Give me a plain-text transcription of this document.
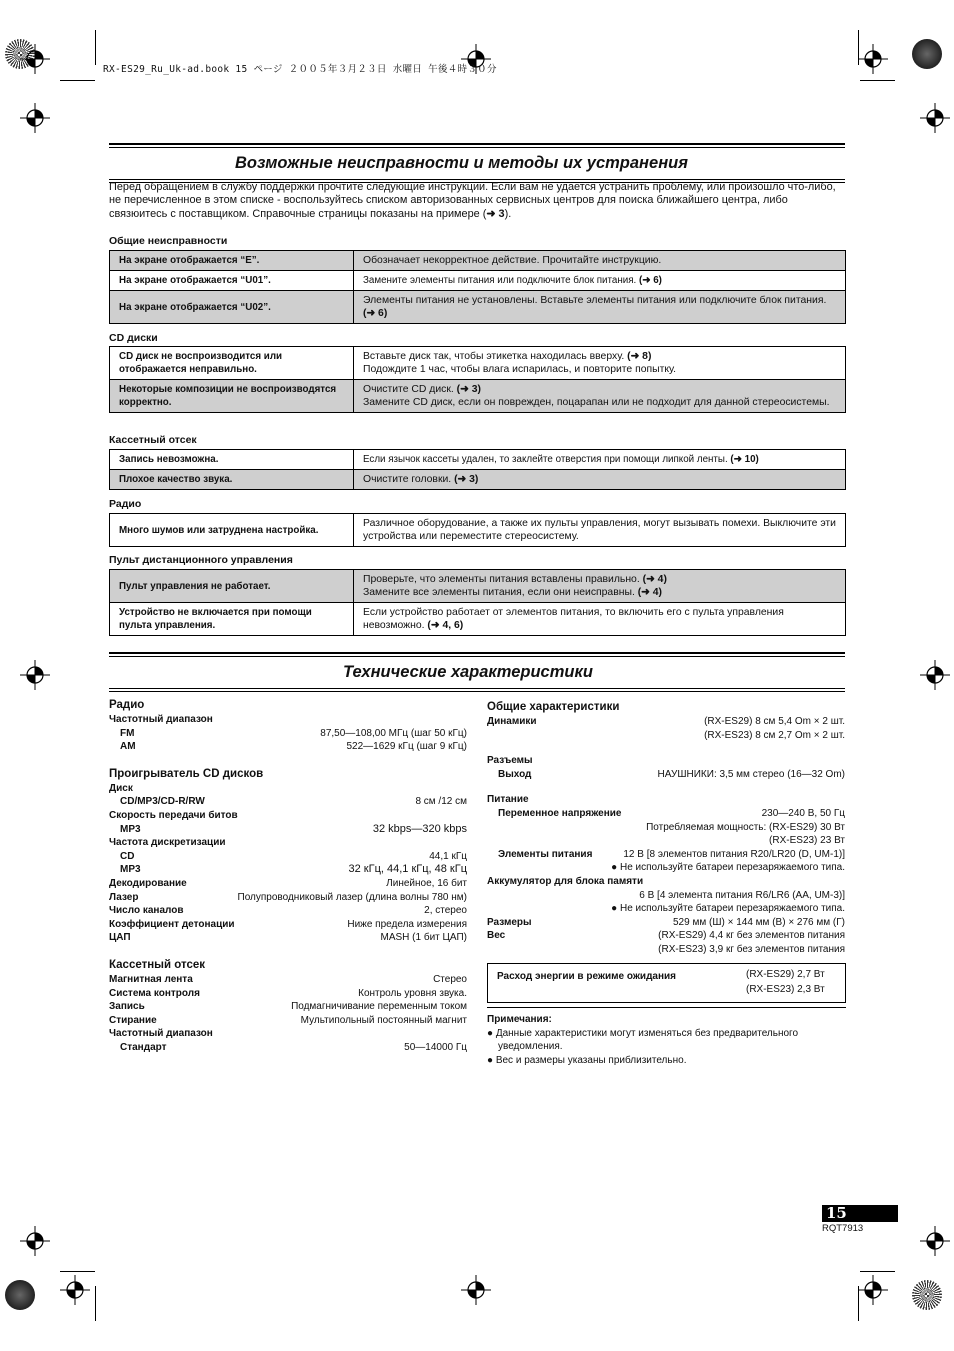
RX-ES29_Ru_Uk-ad.book 15 ページ ２００５年３月２３日 水曜日 午後４時３０分
Возможные неисправности и методы их устранения
Перед обращением в службу поддержки прочтите следующие инструкции. Если вам не удается устранить проблему, или произошло что-либо, не перечисленное в этом списке - воспользуйтесь списком авторизованных сервисных центров для поиска ближайшего центра, либо связюитесь с поставщиком. Справочные страницы показаны на примере (➜ 3).
Общие неисправности
На экране отображается “E”.	Обозначает некорректное действие. Прочитайте инструкцию.
На экране отображается “U01”.	Замените элементы питания или подключите блок питания. (➜ 6)
На экране отображается “U02”.	Элементы питания не установлены. Вставьте элементы питания или подключите блок питания. (➜ 6)
CD диски
CD диск не воспроизводится или отображается неправильно.	Вставьте диск так, чтобы этикетка находилась вверху. (➜ 8)
Подождите 1 час, чтобы влага испарилась, и повторите попытку.
Некоторые композиции не воспроизводятся корректно.	Очистите CD диск. (➜ 3)
Замените CD диск, если он поврежден, поцарапан или не подходит для данной стереосистемы.
Кассетный отсек
Запись невозможна.	Если язычок кассеты удален, то заклейте отверстия при помощи липкой ленты. (➜ 10)
Плохое качество звука.	Очистите головки. (➜ 3)
Радио
Много шумов или затруднена настройка.	Различное оборудование, а также их пульты управления, могут вызывать помехи. Выключите эти устройства или переместите стереосистему.
Пульт дистанционного управления
Пульт управления не работает.	Проверьте, что элементы питания вставлены правильно. (➜ 4)
Замените все элементы питания, если они неисправны. (➜ 4)
Устройство не включается при помощи пульта управления.	Если устройство работает от элементов питания, то включить его с пульта управления невозможно. (➜ 4, 6)
Технические характеристики
Радио
Частотный диапазон
FM	87,50—108,00 МГц (шаг 50 кГц)
AM	522—1629 кГц (шаг 9 кГц)
Проигрыватель CD дисков
Диск
CD/MP3/CD-R/RW	8 см /12 см
Скорость передачи битов
MP3	32 kbps—320 kbps
Частота дискретизации
CD	44,1 кГц
MP3	32 кГц, 44,1 кГц, 48 кГц
Декодирование	Линейное, 16 бит
Лазер	Полупроводниковый лазер (длина волны 780 нм)
Число каналов	2, стерео
Коэффициент детонации	Ниже предела измерения
ЦАП	MASH (1 бит ЦАП)
Кассетный отсек
Магнитная лента	Стерео
Система контроля	Контроль уровня звука.
Запись	Подмагничивание переменным током
Стирание	Мультипольный постоянный магнит
Частотный диапазон
Стандарт	50—14000 Гц
Общие характеристики
Динамики	(RX-ES29) 8 см 5,4 Om × 2 шт.
(RX-ES23) 8 см 2,7 Om × 2 шт.
Разъемы
Выход	НАУШНИКИ: 3,5 мм стерео (16—32 Om)
Питание
Переменное напряжение	230—240 В, 50 Гц
Потребляемая мощность: (RX-ES29) 30 Вт
(RX-ES23) 23 Вт
Элементы питания	12 В [8 элементов питания R20/LR20 (D, UM-1)]
● Не используйте батареи перезаряжаемого типа.
Аккумулятор для блока памяти
6 В [4 элемента питания R6/LR6 (AA, UM-3)]
● Не используйте батареи перезаряжаемого типа.
Размеры	529 мм (Ш) × 144 мм (В) × 276 мм (Г)
Вес	(RX-ES29) 4,4 кг без элементов питания
(RX-ES23) 3,9 кг без элементов питания
Расход энергии в режиме ожидания	(RX-ES29) 2,7 Вт
(RX-ES23) 2,3 Вт
Примечания:
● Данные характеристики могут изменяться без предварительного уведомления.
● Вес и размеры указаны приблизительно.
15
RQT7913
